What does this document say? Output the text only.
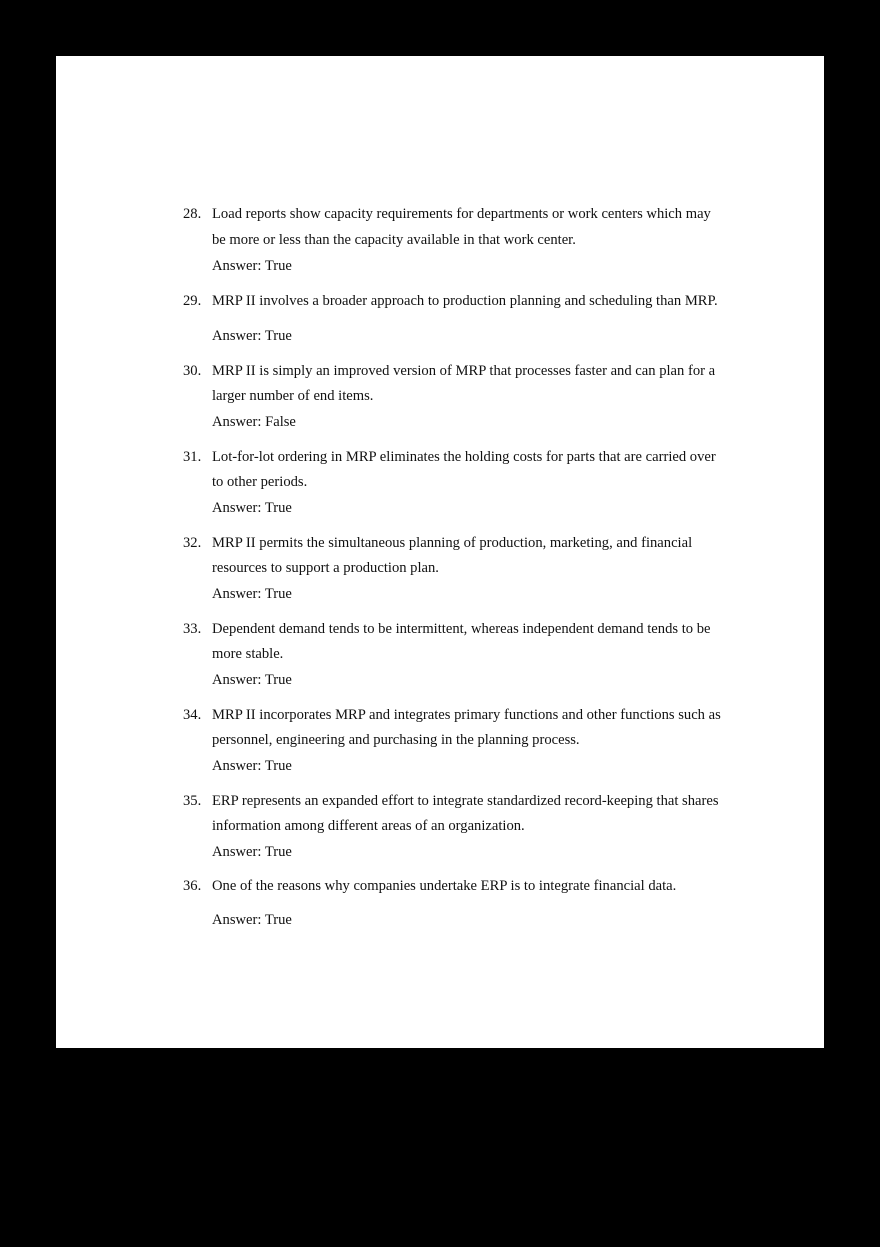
28. Load reports show capacity requirements for departments or work centers which may
be more or less than the capacity available in that work center.
Answer: True
29. MRP II involves a broader approach to production planning and scheduling than MRP.
Answer: True
30. MRP II is simply an improved version of MRP that processes faster and can plan for a
larger number of end items.
Answer: False
31. Lot-for-lot ordering in MRP eliminates the holding costs for parts that are carried over
to other periods.
Answer: True
32. MRP II permits the simultaneous planning of production, marketing, and financial
resources to support a production plan.
Answer: True
33. Dependent demand tends to be intermittent, whereas independent demand tends to be
more stable.
Answer: True
34. MRP II incorporates MRP and integrates primary functions and other functions such as
personnel, engineering and purchasing in the planning process.
Answer: True
35. ERP represents an expanded effort to integrate standardized record-keeping that shares
information among different areas of an organization.
Answer: True
36. One of the reasons why companies undertake ERP is to integrate financial data.
Answer: True
